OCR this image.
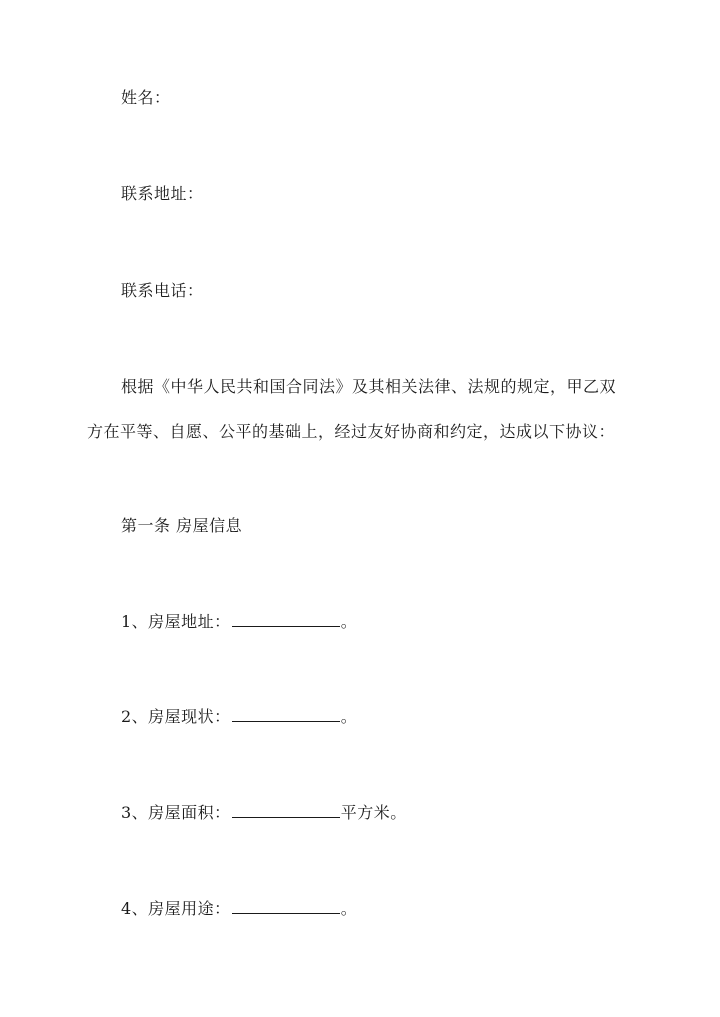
姓名：
联系地址：
联系电话：
根据《中华人民共和国合同法》及其相关法律、法规的规定，甲乙双
方在平等、自愿、公平的基础上，经过友好协商和约定，达成以下协议：
第一条 房屋信息
1、房屋地址：	。
2、房屋现状：	。
3、房屋面积：	平方米。
4、房屋用途：	。
